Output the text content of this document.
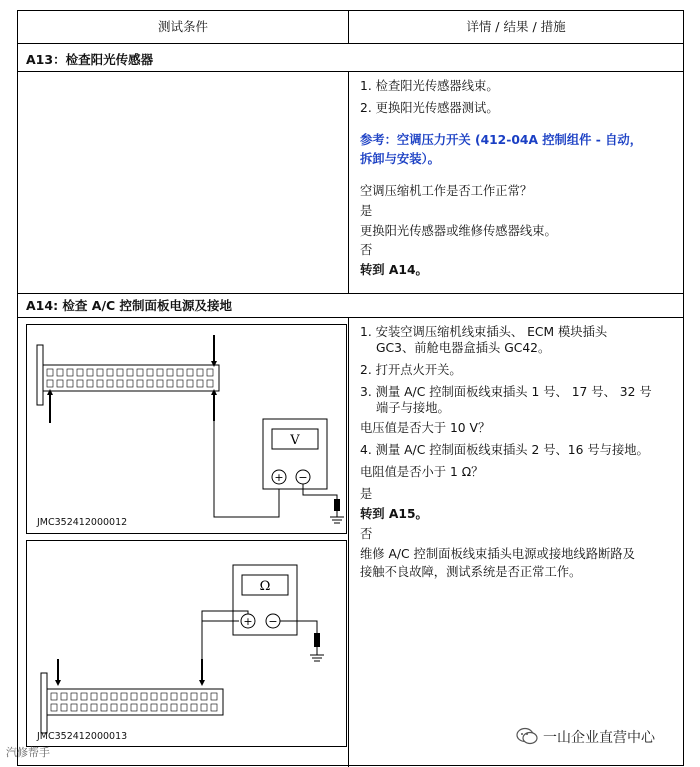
测试条件	详情 / 结果 / 措施
A13：检查阳光传感器
1. 检查阳光传感器线束。
2. 更换阳光传感器测试。
参考：空调压力开关 (412-04A 控制组件 - 自动，
拆卸与安装）。
空调压缩机工作是否工作正常？
是
更换阳光传感器或维修传感器线束。
否
转到 A14。
A14: 检查 A/C 控制面板电源及接地
1. 安装空调压缩机线束插头、 ECM 模块插头
GC3、前舱电器盒插头 GC42。
2. 打开点火开关。
3. 测量 A/C 控制面板线束插头 1 号、 17 号、 32 号
端子与接地。
电压值是否大于 10 V？
4. 测量 A/C 控制面板线束插头 2 号、16 号与接地。
电阻值是否小于 1 Ω？
是
转到 A15。
否
维修 A/C 控制面板线束插头电源或接地线路断路及
接触不良故障，测试系统是否正常工作。
V
+ −
JMC352412000012
Ω
+ −
JMC352412000013
汽修帮手
一山企业直营中心
